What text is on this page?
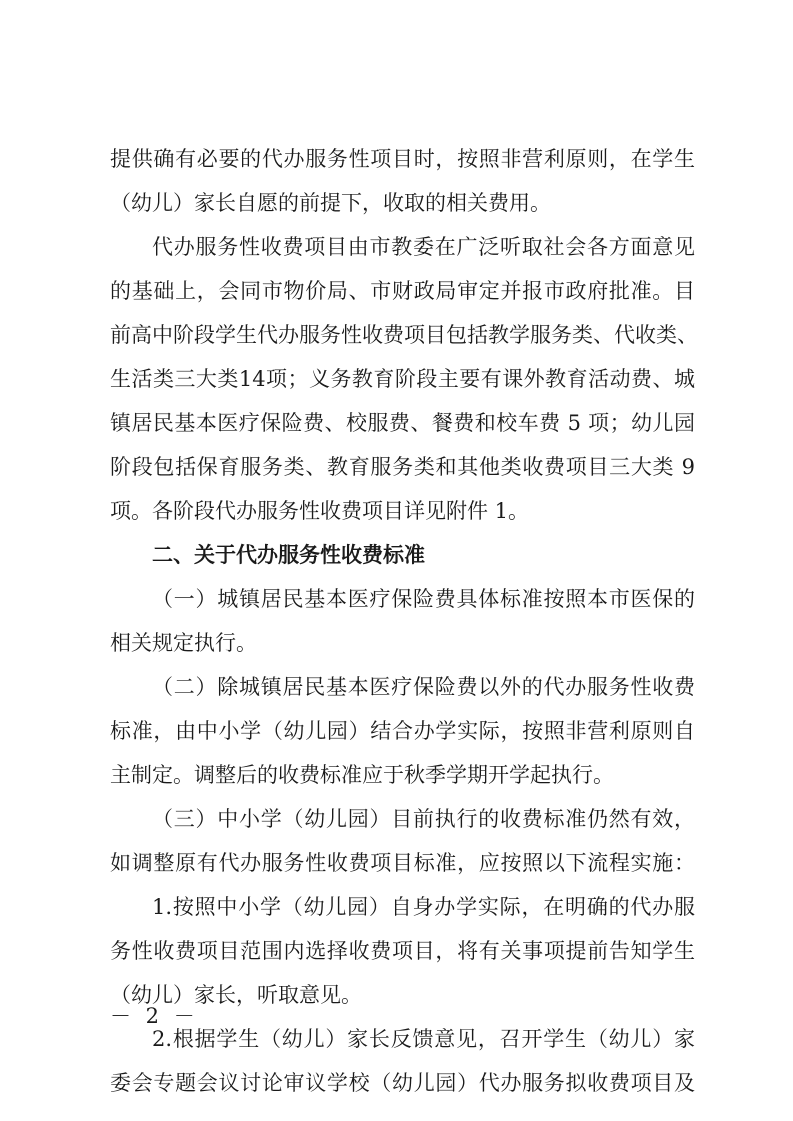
提供确有必要的代办服务性项目时，按照非营利原则，在学生
（幼儿）家长自愿的前提下，收取的相关费用。
代办服务性收费项目由市教委在广泛听取社会各方面意见
的基础上，会同市物价局、市财政局审定并报市政府批准。目
前高中阶段学生代办服务性收费项目包括教学服务类、代收类、
生活类三大类14项；义务教育阶段主要有课外教育活动费、城
镇居民基本医疗保险费、校服费、餐费和校车费 5 项；幼儿园
阶段包括保育服务类、教育服务类和其他类收费项目三大类 9
项。各阶段代办服务性收费项目详见附件 1。
二、关于代办服务性收费标准
（一）城镇居民基本医疗保险费具体标准按照本市医保的
相关规定执行。
（二）除城镇居民基本医疗保险费以外的代办服务性收费
标准，由中小学（幼儿园）结合办学实际，按照非营利原则自
主制定。调整后的收费标准应于秋季学期开学起执行。
（三）中小学（幼儿园）目前执行的收费标准仍然有效，
如调整原有代办服务性收费项目标准，应按照以下流程实施：
1.按照中小学（幼儿园）自身办学实际，在明确的代办服
务性收费项目范围内选择收费项目，将有关事项提前告知学生
（幼儿）家长，听取意见。
2.根据学生（幼儿）家长反馈意见，召开学生（幼儿）家
委会专题会议讨论审议学校（幼儿园）代办服务拟收费项目及
－ 2 －
